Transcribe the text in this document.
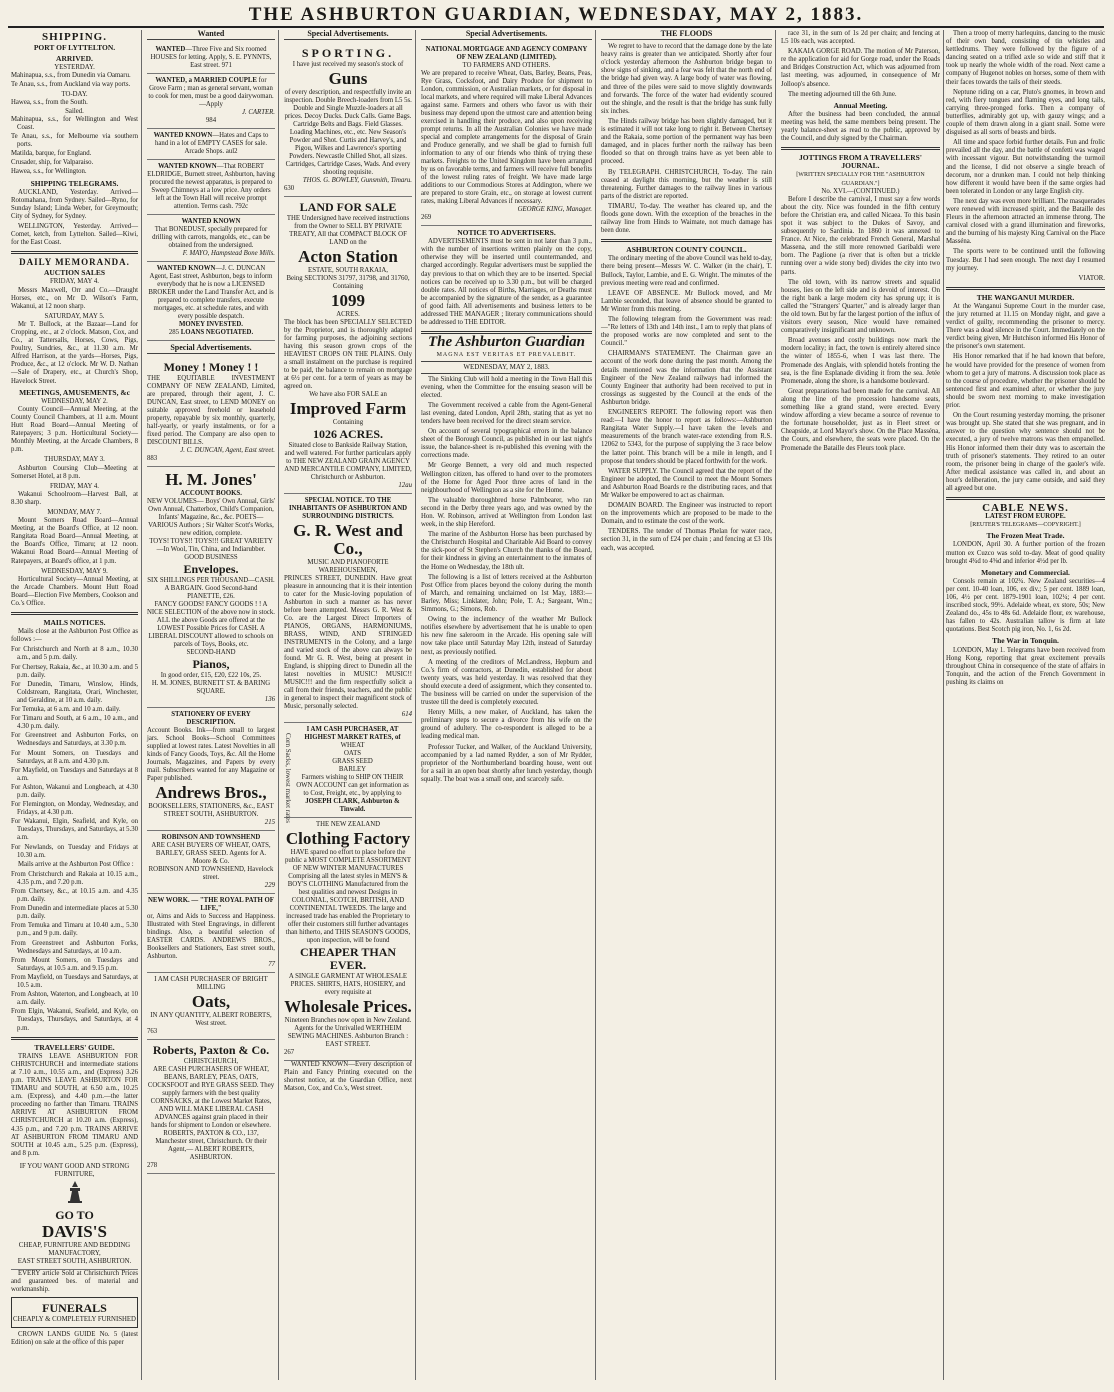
THE ASHBURTON GUARDIAN, WEDNESDAY, MAY 2, 1883.
SHIPPING.
PORT OF LYTTELTON.
ARRIVED.
YESTERDAY.
Mahinapua, s.s., from Dunedin via Oamaru.
Te Anau, s.s., from Auckland via way ports.
TO-DAY.
Hawea, s.s., from the South.
Sailed.
Mahinapua, s.s., for Wellington and West Coast.
Te Anau, s.s., for Melbourne via southern ports.
Matilda, barque, for England.
Crusader, ship, for Valparaiso.
Hawea, s.s., for Wellington.
SHIPPING TELEGRAMS.

AUCKLAND, Yesterday. Arrived—Rotomahana, from Sydney. Sailed—Ryno, for Sunday Island; Linda Weber, for Greymouth; City of Sydney, for Sydney.

WELLINGTON, Yesterday. Arrived—Comet, ketch, from Lyttelton. Sailed—Kiwi, for the East Coast.

DAILY MEMORANDA.
AUCTION SALES
FRIDAY, MAY 4.

Messrs Maxwell, Orr and Co.—Draught Horses, etc., on Mr D. Wilson's Farm, Wakanui, at 12 noon sharp.

SATURDAY, MAY 5.

Mr T. Bullock, at the Bazaar—Land for Cropping, etc., at 2 o'clock. Matson, Cox, and Co., at Tattersalls, Horses, Cows, Pigs, Poultry, Sundries, &c., at 11.30 a.m. Mr Alfred Harrison, at the yards—Horses, Pigs, Produce, &c., at 12 o'clock. Mr W. D. Nathan—Sale of Drapery, etc., at Church's Shop, Havelock Street.

MEETINGS, AMUSEMENTS, &c
WEDNESDAY, MAY 2.

County Council—Annual Meeting, at the County Council Chambers, at 11 a.m. Mount Hutt Road Board—Annual Meeting of Ratepayers; 3 p.m. Horticultural Society—Monthly Meeting, at the Arcade Chambers, 8 p.m.

THURSDAY, MAY 3.

Ashburton Coursing Club—Meeting at Somerset Hotel, at 8 p.m.

FRIDAY, MAY 4.

Wakanui Schoolroom—Harvest Ball, at 8.30 sharp.

MONDAY, MAY 7.

Mount Somers Road Board—Annual Meeting, at the Board's Office, at 12 noon. Rangitata Road Board—Annual Meeting, at the Board's Office, Timaru; at 12 noon. Wakanui Road Board—Annual Meeting of Ratepayers, at Board's office, at 1 p.m.

WEDNESDAY, MAY 9.

Horticultural Society—Annual Meeting, at the Arcade Chambers. Mount Hutt Road Board—Election Five Members, Cookson and Co.'s Office.

MAILS NOTICES.

Mails close at the Ashburton Post Office as follows :—

For Christchurch and North at 8 a.m., 10.30 a.m., and 5 p.m. daily.
For Chertsey, Rakaia, &c., at 10.30 a.m. and 5 p.m. daily.
For Dunedin, Timaru, Winslow, Hinds, Coldstream, Rangitata, Orari, Winchester, and Geraldine, at 10 a.m. daily.
For Temuka, at 6 a.m. and 10 a.m. daily.
For Timaru and South, at 6 a.m., 10 a.m., and 4.30 p.m. daily.
For Greenstreet and Ashburton Forks, on Wednesdays and Saturdays, at 3.30 p.m.
For Mount Somers, on Tuesdays and Saturdays, at 8 a.m. and 4.30 p.m.
For Mayfield, on Tuesdays and Saturdays at 8 a.m.
For Ashton, Wakanui and Longbeach, at 4.30 p.m. daily.
For Flemington, on Monday, Wednesday, and Fridays, at 4.30 p.m.
For Wakanui, Elgin, Seafield, and Kyle, on Tuesdays, Thursdays, and Saturdays, at 5.30 a.m.
For Newlands, on Tuesday and Fridays at 10.30 a.m.

Mails arrive at the Ashburton Post Office :

From Christchurch and Rakaia at 10.15 a.m., 4.35 p.m., and 7.20 p.m.
From Chertsey, &c., at 10.15 a.m. and 4.35 p.m. daily.
From Dunedin and intermediate places at 5.30 p.m. daily.
From Temuka and Timaru at 10.40 a.m., 5.30 p.m., and 9 p.m. daily.
From Greenstreet and Ashburton Forks, Wednesdays and Saturdays, at 10 a.m.
From Mount Somers, on Tuesdays and Saturdays, at 10.5 a.m. and 9.15 p.m.
From Mayfield, on Tuesdays and Saturdays, at 10.5 a.m.
From Ashton, Waterton, and Longbeach, at 10 a.m. daily.
From Elgin, Wakanui, Seafield, and Kyle, on Tuesdays, Thursdays, and Saturdays, at 4 p.m.
TRAVELLERS' GUIDE.

TRAINS LEAVE ASHBURTON FOR CHRISTCHURCH and intermediate stations at 7.10 a.m., 10.55 a.m., and (Express) 3.26 p.m. TRAINS LEAVE ASHBURTON FOR TIMARU and SOUTH, at 6.50 a.m., 10.25 a.m. (Express), and 4.40 p.m.—the latter proceeding no farther than Timaru. TRAINS ARRIVE AT ASHBURTON FROM CHRISTCHURCH at 10.20 a.m. (Express), 4.35 p.m., and 7.20 p.m. TRAINS ARRIVE AT ASHBURTON FROM TIMARU AND SOUTH at 10.45 a.m., 5.25 p.m. (Express), and 8 p.m.

IF YOU WANT GOOD AND STRONG FURNITURE,
GO TO
DAVIS'S
CHEAP, FURNITURE AND BEDDING MANUFACTORY,
EAST STREET SOUTH, ASHBURTON.

EVERY article Sold at Christchurch Prices and guaranteed bes. of material and workmanship.

FUNERALS
CHEAPLY & COMPLETELY FURNISHED

CROWN LANDS GUIDE No. 5 (latest Edition) on sale at the office of this paper

Wanted
WANTED—Three Five and Six roomed HOUSES for letting. Apply, S. E. PYNNTS, East street. 971
WANTED, a MARRIED COUPLE for Grove Farm ; man as general servant, woman to cook for men, must be a good dairywoman.—Apply
J. CARTER.
984
WANTED KNOWN—Hates and Caps to hand in a lot of EMPTY CASES for sale. Arcade Shops. aul2
WANTED KNOWN—That ROBERT ELDRIDGE, Burnett street, Ashburton, having procured the newest apparatus, is prepared to Sweep Chimneys at a low price. Any orders left at the Town Hall will receive prompt attention. Terms cash. 792c
WANTED KNOWN
That BONEDUST, specially prepared for drilling with carrots, mangolds, etc., can be obtained from the undersigned.
F. MAYO, Hampstead Bone Mills.
WANTED KNOWN—J. C. DUNCAN Agent, East street, Ashburton, begs to inform everybody that he is now a LICENSED BROKER under the Land Transfer Act, and is prepared to complete transfers, execute mortgages, etc. at schedule rates, and with every possible despatch.
MONEY INVESTED.
285 LOANS NEGOTIATED.
Special Advertisements.
Money ! Money ! !
THE EQUITABLE INVESTMENT COMPANY OF NEW ZEALAND, Limited, are prepared, through their agent, J. C. DUNCAN, East street, to LEND MONEY on suitable approved freehold or leasehold property, repayable by six monthly, quarterly, half-yearly, or yearly instalments, or for a fixed period. The Company are also open to DISCOUNT BILLS.
J. C. DUNCAN, Agent, East street.
883
H. M. Jones'
ACCOUNT BOOKS.
NEW VOLUMES— Boys' Own Annual, Girls' Own Annual, Chatterbox, Child's Companion, Infants' Magazine, &c., &c. POETS— VARIOUS Authors ; Sir Walter Scott's Works, new edition, complete.
TOYS! TOYS!! TOYS!!! GREAT VARIETY—In Wool, Tin, China, and Indiarubber.
GOOD BUSINESS
Envelopes.
SIX SHILLINGS PER THOUSAND—CASH.
A BARGAIN. Good Second-hand PIANETTE, £26.
FANCY GOODS! FANCY GOODS ! ! A NICE SELECTION of the above now in stock.
ALL the above Goods are offered at the LOWEST Possible Prices for CASH. A LIBERAL DISCOUNT allowed to schools on parcels of Toys, Books, etc.
SECOND-HAND
Pianos,
In good order, £15, £20, £22 10s, 25.
H. M. JONES, BURNETT ST. & BARING SQUARE.
136
STATIONERY OF EVERY DESCRIPTION.
Account Books. Ink—from small to largest jars. School Books—School Committees supplied at lowest rates. Latest Novelties in all kinds of Fancy Goods, Toys, &c. All the Home Journals, Magazines, and Papers by every mail. Subscribers wanted for any Magazine or Paper published.
Andrews Bros.,
BOOKSELLERS, STATIONERS, &c., EAST STREET SOUTH, ASHBURTON.
215
ROBINSON AND TOWNSHEND
ARE CASH BUYERS OF WHEAT, OATS, BARLEY, GRASS SEED. Agents for A. Moore & Co.
ROBINSON AND TOWNSHEND, Havelock street.
229
NEW WORK. — "THE ROYAL PATH OF LIFE,"
or, Aims and Aids to Success and Happiness. Illustrated with Steel Engravings, in different bindings. Also, a beautiful selection of EASTER CARDS. ANDREWS BROS., Booksellers and Stationers, East street south, Ashburton.
77
I AM CASH PURCHASER OF BRIGHT MILLING
Oats,
IN ANY QUANTITY, ALBERT ROBERTS, West street.
763
Roberts, Paxton & Co.
CHRISTCHURCH,
ARE CASH PURCHASERS OF WHEAT, BEANS, BARLEY, PEAS, OATS, COCKSFOOT and RYE GRASS SEED. They supply farmers with the best quality CORNSACKS, at the Lowest Market Rates, AND WILL MAKE LIBERAL CASH ADVANCES against grain placed in their hands for shipment to London or elsewhere.
ROBERTS, PAXTON & CO., 137, Manchester street, Christchurch. Or their Agent,— ALBERT ROBERTS, ASHBURTON.
278
Special Advertisements.
SPORTING.
I have just received my season's stock of
Guns
of every description, and respectfully invite an inspection. Double Breech-loaders from L5 5s. Double and Single Muzzle-loaders at all prices. Decoy Ducks. Duck Calls. Game Bags. Cartridge Belts and Bags. Field Glasses. Loading Machines, etc., etc. New Season's Powder and Shot. Curtis and Harvey's, and Pigou, Wilkes and Lawrence's sporting Powders. Newcastle Chilled Shot, all sizes. Cartridges, Cartridge Cases, Wads. And every shooting requisite.
THOS. G. BOWLEY, Gunsmith, Timaru.
630
LAND FOR SALE
THE Undersigned have received instructions from the Owner to SELL BY PRIVATE TREATY, All that COMPACT BLOCK OF LAND on the
Acton Station
ESTATE, SOUTH RAKAIA,
Being SECTIONS 31797, 31798, and 31760, Containing
1099
ACRES.
The block has been SPECIALLY SELECTED by the Proprietor, and is thoroughly adapted for farming purposes, the adjoining sections having this season grown crops of the HEAVIEST CROPS ON THE PLAINS. Only a small instalment on the purchase is required to be paid, the balance to remain on mortgage at 6½ per cent. for a term of years as may be agreed on.
We have also FOR SALE an
Improved Farm
Containing
1026 ACRES.
Situated close to Bankside Railway Station, and well watered. For further particulars apply to THE NEW ZEALAND GRAIN AGENCY AND MERCANTILE COMPANY, LIMITED, Christchurch or Ashburton.
12au
SPECIAL NOTICE. TO THE INHABITANTS OF ASHBURTON AND SURROUNDING DISTRICTS.
G. R. West and Co.,
MUSIC AND PIANOFORTE WAREHOUSEMEN,
PRINCES STREET, DUNEDIN. Have great pleasure in announcing that it is their intention to cater for the Music-loving population of Ashburton in such a manner as has never before been attempted. Messrs G. R. West & Co. are the Largest Direct Importers of PIANOS, ORGANS, HARMONIUMS, BRASS, WIND, AND STRINGED INSTRUMENTS in the Colony, and a large and varied stock of the above can always be found. Mr G. R. West, being at present in England, is shipping direct to Dunedin all the latest novelties in MUSIC! MUSIC!! MUSIC!!! and the firm respectfully solicit a call from their friends, teachers, and the public in general to inspect their magnificent stock of Music, personally selected.
614
Corn Sacks, lowest market rates
I AM CASH PURCHASER, AT HIGHEST MARKET RATES, of
WHEAT
OATS
GRASS SEED
BARLEY
Farmers wishing to SHIP ON THEIR OWN ACCOUNT can get information as to Cost, Freight, etc., by applying to
JOSEPH CLARK, Ashburton & Tinwald.
THE NEW ZEALAND
Clothing Factory
HAVE spared no effort to place before the public a MOST COMPLETE ASSORTMENT OF NEW WINTER MANUFACTURES Comprising all the latest styles in MEN'S & BOY'S CLOTHING Manufactured from the best qualities and newest Designs in COLONIAL, SCOTCH, BRITISH, AND CONTINENTAL TWEEDS. The large and increased trade has enabled the Proprietary to offer their customers still further advantages than hitherto, and THIS SEASON'S GOODS, upon inspection, will be found
CHEAPER THAN EVER.
A SINGLE GARMENT AT WHOLESALE PRICES. SHIRTS, HATS, HOSIERY, and every requisite at
Wholesale Prices.
Nineteen Branches now open in New Zealand. Agents for the Unrivalled WERTHEIM SEWING MACHINES. Ashburton Branch : EAST STREET.
267

WANTED KNOWN—Every description of Plain and Fancy Printing executed on the shortest notice, at the Guardian Office, next Matson, Cox, and Co.'s, West street.

Special Advertisements.
NATIONAL MORTGAGE AND AGENCY COMPANY OF NEW ZEALAND (LIMITED).
TO FARMERS AND OTHERS.
We are prepared to receive Wheat, Oats, Barley, Beans, Peas, Rye Grass, Cocksfoot, and Dairy Produce for shipment to London, commission, or Australian markets, or for disposal in local markets, and where required will make Liberal Advances against same. Farmers and others who favor us with their business may depend upon the utmost care and attention being exercised in handling their produce, and also upon receiving prompt returns. In all the Australian Colonies we have made special and complete arrangements for the disposal of Grain and Produce generally, and we shall be glad to furnish full information to any of our friends who think of trying these markets. Freights to the United Kingdom have been arranged by us on favorable terms, and farmers will receive full benefits of the lowest ruling rates of freight. We have made large additions to our Commodious Stores at Addington, where we are prepared to store Grain, etc., on storage at lowest current rates, making Liberal Advances if necessary.
GEORGE KING, Manager.
269
NOTICE TO ADVERTISERS.

ADVERTISEMENTS must be sent in not later than 3 p.m., with the number of insertions written plainly on the copy, otherwise they will be inserted until countermanded, and charged accordingly. Regular advertisers must be supplied the day previous to that on which they are to be inserted. Special notices can be received up to 3.30 p.m., but will be charged double rates. All notices of Births, Marriages, or Deaths must be accompanied by the signature of the sender, as a guarantee of good faith. All advertisements and business letters to be addressed THE MANAGER ; literary communications should be addressed to THE EDITOR.

The Ashburton Guardian
MAGNA EST VERITAS ET PREVALEBIT.
WEDNESDAY, MAY 2, 1883.

The Sinking Club will hold a meeting in the Town Hall this evening, when the Committee for the ensuing season will be elected.

The Government received a cable from the Agent-General last evening, dated London, April 28th, stating that as yet no tenders have been received for the direct steam service.

On account of several typographical errors in the balance sheet of the Borough Council, as published in our last night's issue, the balance-sheet is re-published this evening with the corrections made.

Mr George Bennett, a very old and much respected Wellington citizen, has offered to hand over to the promoters of the Home for Aged Poor three acres of land in the neighbourhood of Wellington as a site for the Home.

The valuable thoroughbred horse Palmbearer, who ran second in the Derby three years ago, and was owned by the Hon. W. Robinson, arrived at Wellington from London last week, in the ship Hereford.

The marine of the Ashburton Horse has been purchased by the Christchurch Hospital and Charitable Aid Board to convey the sick-poor of St Stephen's Church the thanks of the Board, for their kindness in giving an entertainment to the inmates of the Home on Wednesday, the 18th ult.

The following is a list of letters received at the Ashburton Post Office from places beyond the colony during the month of March, and remaining unclaimed on 1st May, 1883:—Barley, Miss; Linklater, John; Pole, T. A.; Sargeant, Wm.; Simmons, G.; Simons, Rob.

Owing to the inclemency of the weather Mr Bullock notifies elsewhere by advertisement that he is unable to open his new fine saleroom in the Arcade. His opening sale will now take place until Saturday May 12th, instead of Saturday next, as previously notified.

A meeting of the creditors of McLandress, Hepburn and Co.'s firm of contractors, at Dunedin, established for about twenty years, was held yesterday. It was resolved that they should execute a deed of assignment, which they consented to. The business will be carried on under the supervision of the trustee till the deed is completely executed.

Henry Mills, a new maker, of Auckland, has taken the preliminary steps to secure a divorce from his wife on the ground of adultery. The co-respondent is alleged to be a leading medical man.

Professor Tucker, and Walker, of the Auckland University, accompanied by a lad named Rydder, a son of Mr Rydder, proprietor of the Northumberland boarding house, went out for a sail in an open boat shortly after lunch yesterday, though squally. The boat was a small one, and scarcely safe.

THE FLOODS

We regret to have to record that the damage done by the late heavy rains is greater than we anticipated. Shortly after four o'clock yesterday afternoon the Ashburton bridge began to show signs of sinking, and a fear was felt that the north end of the bridge had given way. A large body of water was flowing, and three of the piles were said to move slightly downwards and forwards. The force of the water had evidently scoured out the shingle, and the result is that the bridge has sunk fully six inches.

The Hinds railway bridge has been slightly damaged, but it is estimated it will not take long to right it. Between Chertsey and the Rakaia, some portion of the permanent way has been damaged, and in places further north the railway has been flooded so that on through trains have as yet been able to proceed.

By TELEGRAPH. CHRISTCHURCH, To-day. The rain ceased at daylight this morning, but the weather is still threatening. Further damages to the railway lines in various parts of the district are reported.

TIMARU, To-day. The weather has cleared up, and the floods gone down. With the exception of the breaches in the railway line from Hinds to Waimate, not much damage has been done.

ASHBURTON COUNTY COUNCIL.

The ordinary meeting of the above Council was held to-day, there being present—Messrs W. C. Walker (in the chair), T. Bullock, Taylor, Lambie, and E. G. Wright. The minutes of the previous meeting were read and confirmed.

LEAVE OF ABSENCE. Mr Bullock moved, and Mr Lambie seconded, that leave of absence should be granted to Mr Winter from this meeting.

The following telegram from the Government was read:—"Re letters of 13th and 14th inst., I am to reply that plans of the proposed works are now completed and sent to the Council."

CHAIRMAN'S STATEMENT. The Chairman gave an account of the work done during the past month. Among the details mentioned was the information that the Assistant Engineer of the New Zealand railways had informed the County Engineer that authority had been received to put in crossings as suggested by the Council at the ends of the Ashburton bridge.

ENGINEER'S REPORT. The following report was then read:—I have the honor to report as follows:—Ashburton Rangitata Water Supply.—I have taken the levels and measurements of the branch water-race extending from R.S. 12062 to 5343, for the purpose of supplying the 3 race below the latter point. This branch will be a mile in length, and I propose that tenders should be placed forthwith for the work.

WATER SUPPLY. The Council agreed that the report of the Engineer be adopted, the Council to meet the Mount Somers and Ashburton Road Boards re the distributing races, and that Mr Walker be empowered to act as chairman.

DOMAIN BOARD. The Engineer was instructed to report on the improvements which are proposed to be made to the Domain, and to estimate the cost of the work.

TENDERS. The tender of Thomas Phelan for water race, section 31, in the sum of £24 per chain ; and fencing at £3 10s each, was accepted.

race 31, in the sum of 1s 2d per chain; and fencing at L5 10s each, was accepted.

KAKAIA GORGE ROAD. The motion of Mr Paterson, re the application for aid for Gorge road, under the Roads and Bridges Construction Act, which was adjourned from last meeting, was adjourned, in consequence of Mr Jolloop's absence.

The meeting adjourned till the 6th June.

Annual Meeting.

After the business had been concluded, the annual meeting was held, the same members being present. The yearly balance-sheet as read to the public, approved by the Council, and duly signed by the Chairman.

JOTTINGS FROM A TRAVELLERS' JOURNAL.
[WRITTEN SPECIALLY FOR THE "ASHBURTON GUARDIAN."]
No. XVI.—(CONTINUED.)

Before I describe the carnival, I must say a few words about the city. Nice was founded in the fifth century before the Christian era, and called Nicaea. To this basin spot it was subject to the Dukes of Savoy, and subsequently to Sardinia. In 1860 it was annexed to France. At Nice, the celebrated French General, Marshal Massena, and the still more renowned Garibaldi were born. The Paglione (a river that is often but a trickle running over a wide stony bed) divides the city into two parts.

The old town, with its narrow streets and squalid houses, lies on the left side and is devoid of interest. On the right bank a large modern city has sprung up; it is called the "Strangers' Quarter," and is already larger than the old town. But by far the largest portion of the influx of visitors every season, Nice would have remained comparatively insignificant and unknown.

Broad avenues and costly buildings now mark the modern locality; in fact, the town is entirely altered since the winter of 1855-6, when I was last there. The Promenade des Anglais, with splendid hotels fronting the sea, is the fine Esplanade dividing it from the sea. Jetée Promenade, along the shore, is a handsome boulevard.

Great preparations had been made for the carnival. All along the line of the procession handsome seats, something like a grand stand, were erected. Every window affording a view became a source of revenue to the fortunate householder, just as in Fleet street or Cheapside, at Lord Mayor's show. On the Place Masséna, the Cours, and elsewhere, the seats were placed. On the Promenade the Bataille des Fleurs took place.

Then a troop of merry harlequins, dancing to the music of their own band, consisting of tin whistles and kettledrums. They were followed by the figure of a dancing seated on a trifled axle so wide and stiff that it took up nearly the whole width of the road. Next came a company of Hugenot nobles on horses, some of them with their faces towards the tails of their steeds.

Neptune riding on a car, Pluto's gnomes, in brown and red, with fiery tongues and flaming eyes, and long tails, carrying three-pronged forks. Then a company of butterflies, admirably got up, with gauzy wings; and a couple of them drawn along in a giant snail. Some were disguised as all sorts of beasts and birds.

All time and space forbid further details. Fun and frolic prevailed all the day, and the battle of confetti was waged with incessant vigour. But notwithstanding the turmoil and the license, I did not observe a single breach of decorum, nor a drunken man. I could not help thinking how different it would have been if the same orgies had been tolerated in London or any large English city.

The next day was even more brilliant. The masquerades were renewed with increased spirit, and the Bataille des Fleurs in the afternoon attracted an immense throng. The carnival closed with a grand illumination and fireworks, and the burning of his majesty King Carnival on the Place Masséna.

The sports were to be continued until the following Tuesday. But I had seen enough. The next day I resumed my journey.

VIATOR.
THE WANGANUI MURDER.

At the Wanganui Supreme Court in the murder case, the jury returned at 11.15 on Monday night, and gave a verdict of guilty, recommending the prisoner to mercy. There was a dead silence in the Court. Immediately on the verdict being given, Mr Hutchison informed His Honor of the prisoner's own statement.

His Honor remarked that if he had known that before, he would have provided for the presence of women from whom to get a jury of matrons. A discussion took place as to the course of procedure, whether the prisoner should be sentenced first and examined after, or whether the jury should be sworn next morning to make investigation prior.

On the Court resuming yesterday morning, the prisoner was brought up. She stated that she was pregnant, and in answer to the question why sentence should not be executed, a jury of twelve matrons was then empanelled. His Honor informed them their duty was to ascertain the truth of prisoner's statements. They retired to an outer room, the prisoner being in charge of the gaoler's wife. After medical assistance was called in, and about an hour's deliberation, the jury came outside, and said they all agreed but one.

CABLE NEWS.
LATEST FROM EUROPE.
[REUTER'S TELEGRAMS—COPYRIGHT.]
The Frozen Meat Trade.

LONDON, April 30. A further portion of the frozen mutton ex Cuzco was sold to-day. Meat of good quality brought 4¾d to 4⅝d and inferior 4½d per lb.

Monetary and Commercial.

Consols remain at 102¾. New Zealand securities—4 per cent. 10-40 loan, 106, ex div.; 5 per cent. 1889 loan, 106, 4½ per cent. 1879-1901 loan, 102¼; 4 per cent. inscribed stock, 99½. Adelaide wheat, ex store, 50s; New Zealand do., 45s to 48s 6d. Adelaide flour, ex warehouse, has fallen to 42s. Australian tallow is firm at late quotations. Best Scotch pig iron, No. 1, 6s 2d.

The War in Tonquin.

LONDON, May 1. Telegrams have been received from Hong Kong, reporting that great excitement prevails throughout China in consequence of the state of affairs in Tonquin, and the action of the French Government in pushing its claims on
